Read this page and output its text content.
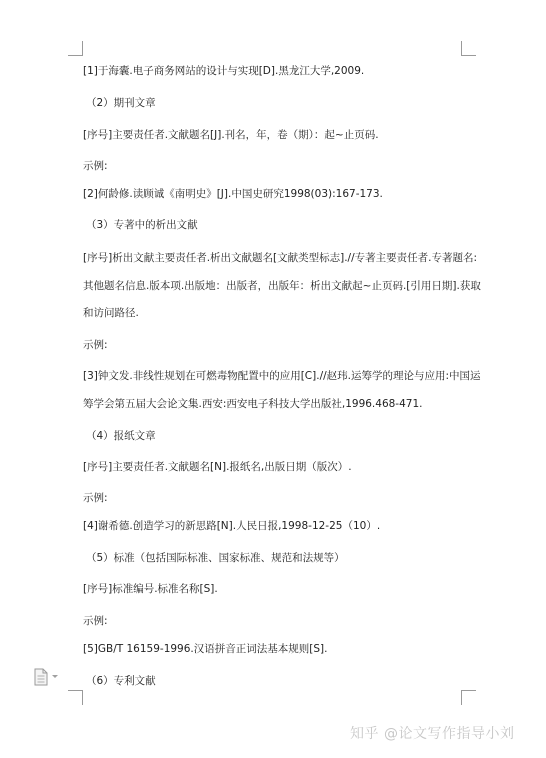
[1]于海囊.电子商务网站的设计与实现[D].黑龙江大学,2009.
（2）期刊文章
[序号]主要责任者.文献题名[J].刊名，年，卷（期）：起~止页码.
示例:
[2]何龄修.读顾诚《南明史》[J].中国史研究1998(03):167-173.
（3）专著中的析出文献
[序号]析出文献主要责任者.析出文献题名[文献类型标志].//专著主要责任者.专著题名:
其他题名信息.版本项.出版地：出版者，出版年：析出文献起~止页码.[引用日期].获取
和访问路径.
示例:
[3]钟文发.非线性规划在可燃毒物配置中的应用[C].//赵玮.运筹学的理论与应用:中国运
筹学会第五届大会论文集.西安:西安电子科技大学出版社,1996.468-471.
（4）报纸文章
[序号]主要责任者.文献题名[N].报纸名,出版日期（版次）.
示例:
[4]谢希德.创造学习的新思路[N].人民日报,1998-12-25（10）.
（5）标准（包括国际标准、国家标准、规范和法规等）
[序号]标准编号.标准名称[S].
示例:
[5]GB/T 16159-1996.汉语拼音正词法基本规则[S].
（6）专利文献
知乎 @论文写作指导小刘
